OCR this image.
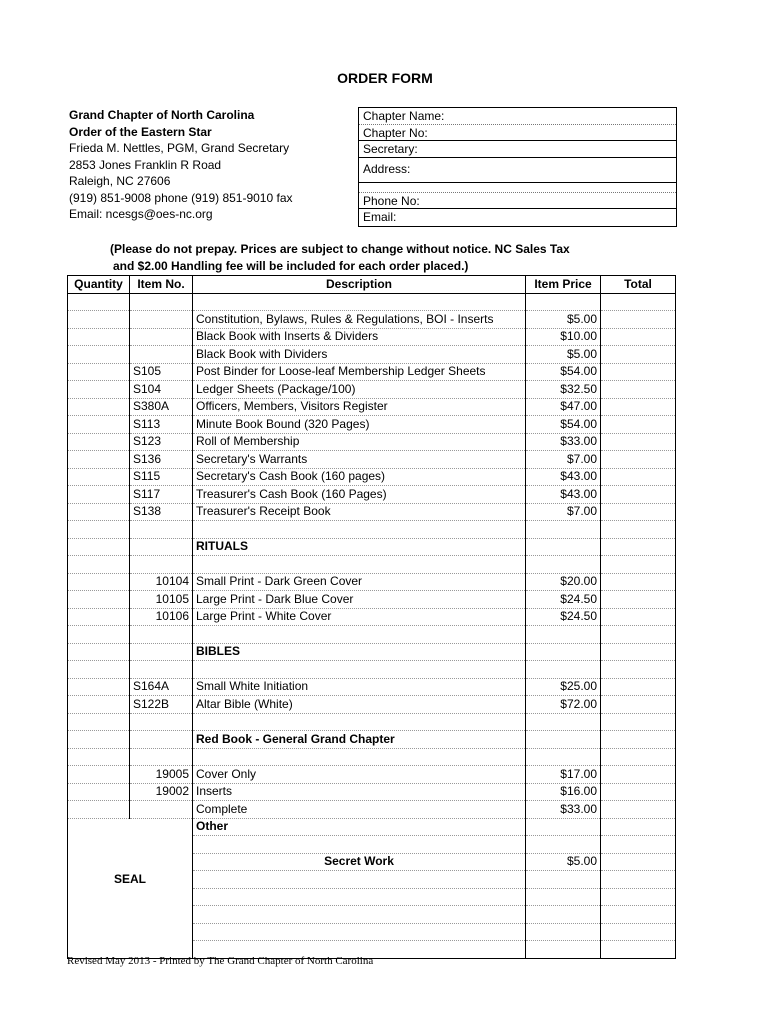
ORDER FORM
Grand Chapter of North Carolina
Order of the Eastern Star
Frieda M. Nettles, PGM, Grand Secretary
2853 Jones Franklin R Road
Raleigh, NC 27606
(919) 851-9008 phone (919) 851-9010 fax
Email: ncesgs@oes-nc.org
Chapter Name:
Chapter No:
Secretary:
Address:
Phone No:
Email:
(Please do not prepay. Prices are subject to change without notice. NC Sales Tax
and $2.00 Handling fee will be included for each order placed.)
Quantity	Item No.	Description	Item Price	Total

		Constitution, Bylaws, Rules & Regulations, BOI - Inserts	$5.00	
		Black Book with Inserts & Dividers	$10.00	
		Black Book with Dividers	$5.00	
	S105	Post Binder for Loose-leaf Membership Ledger Sheets	$54.00	
	S104	Ledger Sheets (Package/100)	$32.50	
	S380A	Officers, Members, Visitors Register	$47.00	
	S113	Minute Book Bound (320 Pages)	$54.00	
	S123	Roll of Membership	$33.00	
	S136	Secretary's Warrants	$7.00	
	S115	Secretary's Cash Book (160 pages)	$43.00	
	S117	Treasurer's Cash Book (160 Pages)	$43.00	
	S138	Treasurer's Receipt Book	$7.00	

		RITUALS		

	10104	Small Print - Dark Green Cover	$20.00	
	10105	Large Print - Dark Blue Cover	$24.50	
	10106	Large Print - White Cover	$24.50	

		BIBLES		

	S164A	Small White Initiation	$25.00	
	S122B	Altar Bible (White)	$72.00	

		Red Book - General Grand Chapter		

	19005	Cover Only	$17.00	
	19002	Inserts	$16.00	
		Complete	$33.00	
SEAL		Other		

		Secret Work	$5.00	

Revised May 2013 - Printed by The Grand Chapter of North Carolina
